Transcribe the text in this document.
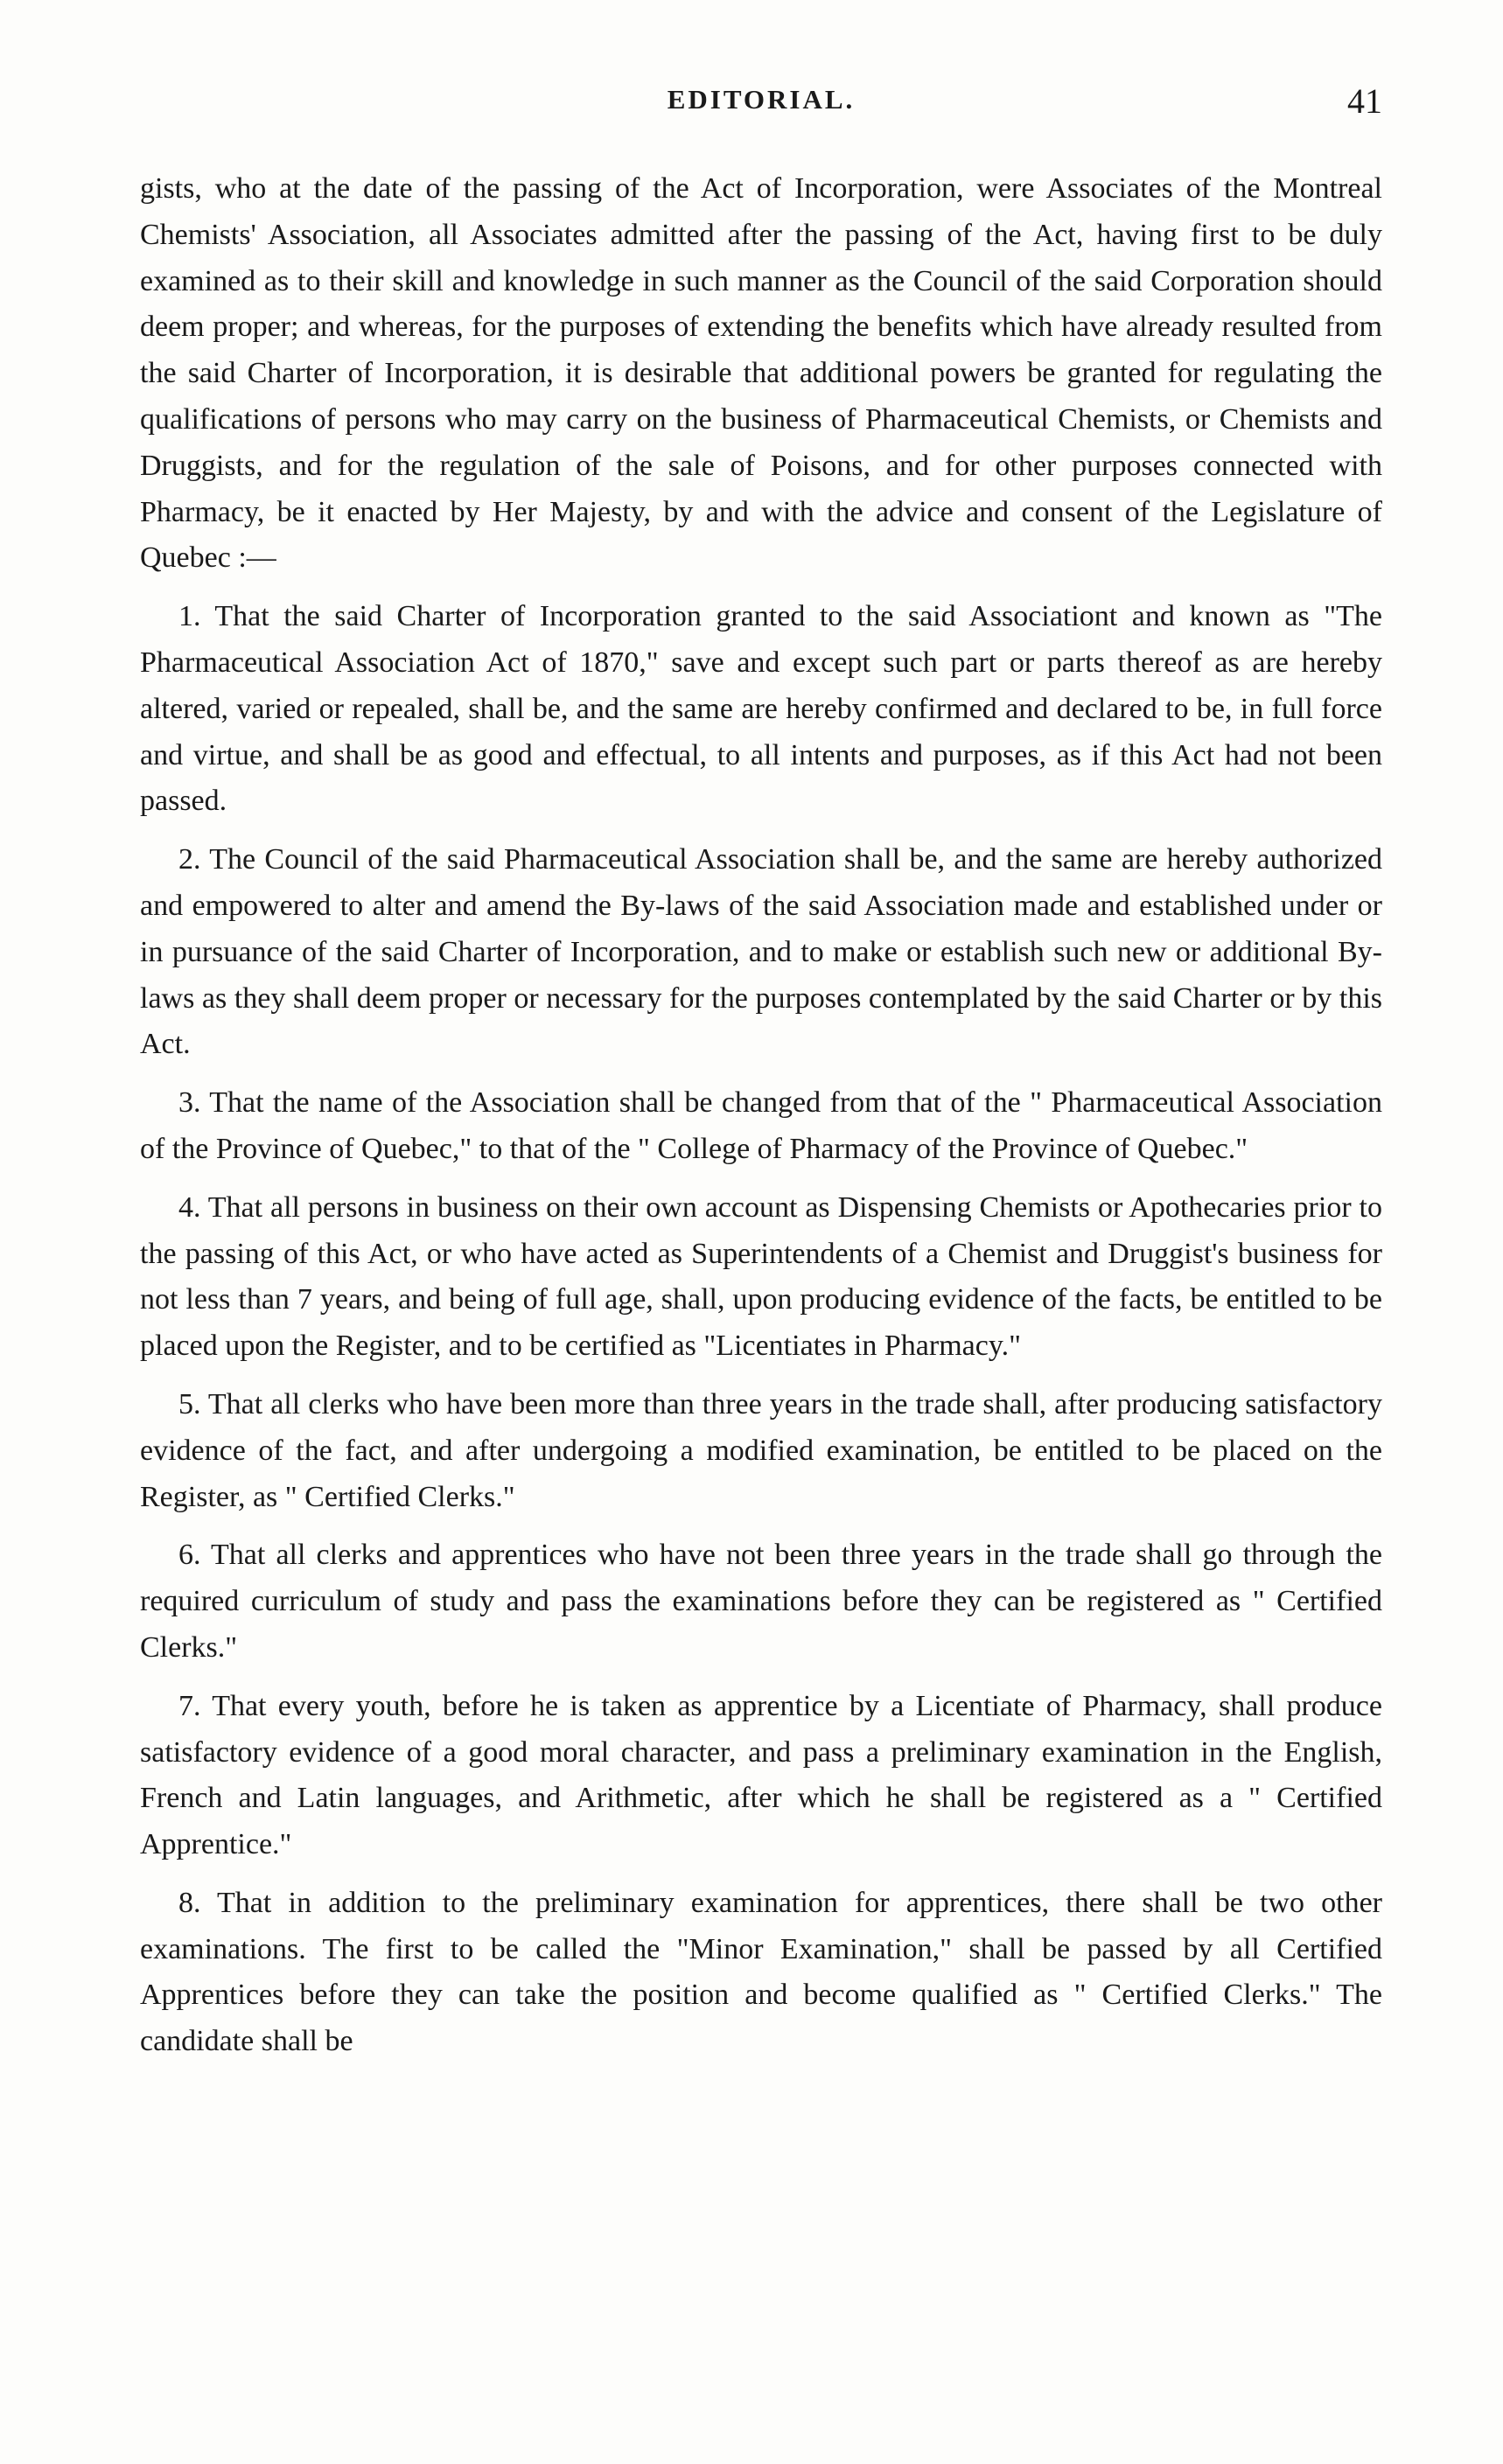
EDITORIAL.	41

gists, who at the date of the passing of the Act of Incorporation, were Associates of the Montreal Chemists' Association, all Associates admitted after the passing of the Act, having first to be duly examined as to their skill and knowledge in such manner as the Council of the said Corporation should deem proper; and whereas, for the purposes of extending the benefits which have already resulted from the said Charter of Incorporation, it is desirable that additional powers be granted for regulating the qualifications of persons who may carry on the business of Pharmaceutical Chemists, or Chemists and Druggists, and for the regulation of the sale of Poisons, and for other purposes connected with Pharmacy, be it enacted by Her Majesty, by and with the advice and consent of the Legislature of Quebec :—

1. That the said Charter of Incorporation granted to the said Associationt and known as "The Pharmaceutical Association Act of 1870," save and except such part or parts thereof as are hereby altered, varied or repealed, shall be, and the same are hereby confirmed and declared to be, in full force and virtue, and shall be as good and effectual, to all intents and purposes, as if this Act had not been passed.

2. The Council of the said Pharmaceutical Association shall be, and the same are hereby authorized and empowered to alter and amend the By-laws of the said Association made and established under or in pursuance of the said Charter of Incorporation, and to make or establish such new or additional By-laws as they shall deem proper or necessary for the purposes contemplated by the said Charter or by this Act.

3. That the name of the Association shall be changed from that of the " Pharmaceutical Association of the Province of Quebec," to that of the " College of Pharmacy of the Province of Quebec."

4. That all persons in business on their own account as Dispensing Chemists or Apothecaries prior to the passing of this Act, or who have acted as Superintendents of a Chemist and Druggist's business for not less than 7 years, and being of full age, shall, upon producing evidence of the facts, be entitled to be placed upon the Register, and to be certified as "Licentiates in Pharmacy."

5. That all clerks who have been more than three years in the trade shall, after producing satisfactory evidence of the fact, and after undergoing a modified examination, be entitled to be placed on the Register, as " Certified Clerks."

6. That all clerks and apprentices who have not been three years in the trade shall go through the required curriculum of study and pass the examinations before they can be registered as " Certified Clerks."

7. That every youth, before he is taken as apprentice by a Licentiate of Pharmacy, shall produce satisfactory evidence of a good moral character, and pass a preliminary examination in the English, French and Latin languages, and Arithmetic, after which he shall be registered as a " Certified Apprentice."

8. That in addition to the preliminary examination for apprentices, there shall be two other examinations. The first to be called the "Minor Examination," shall be passed by all Certified Apprentices before they can take the position and become qualified as " Certified Clerks." The candidate shall be
